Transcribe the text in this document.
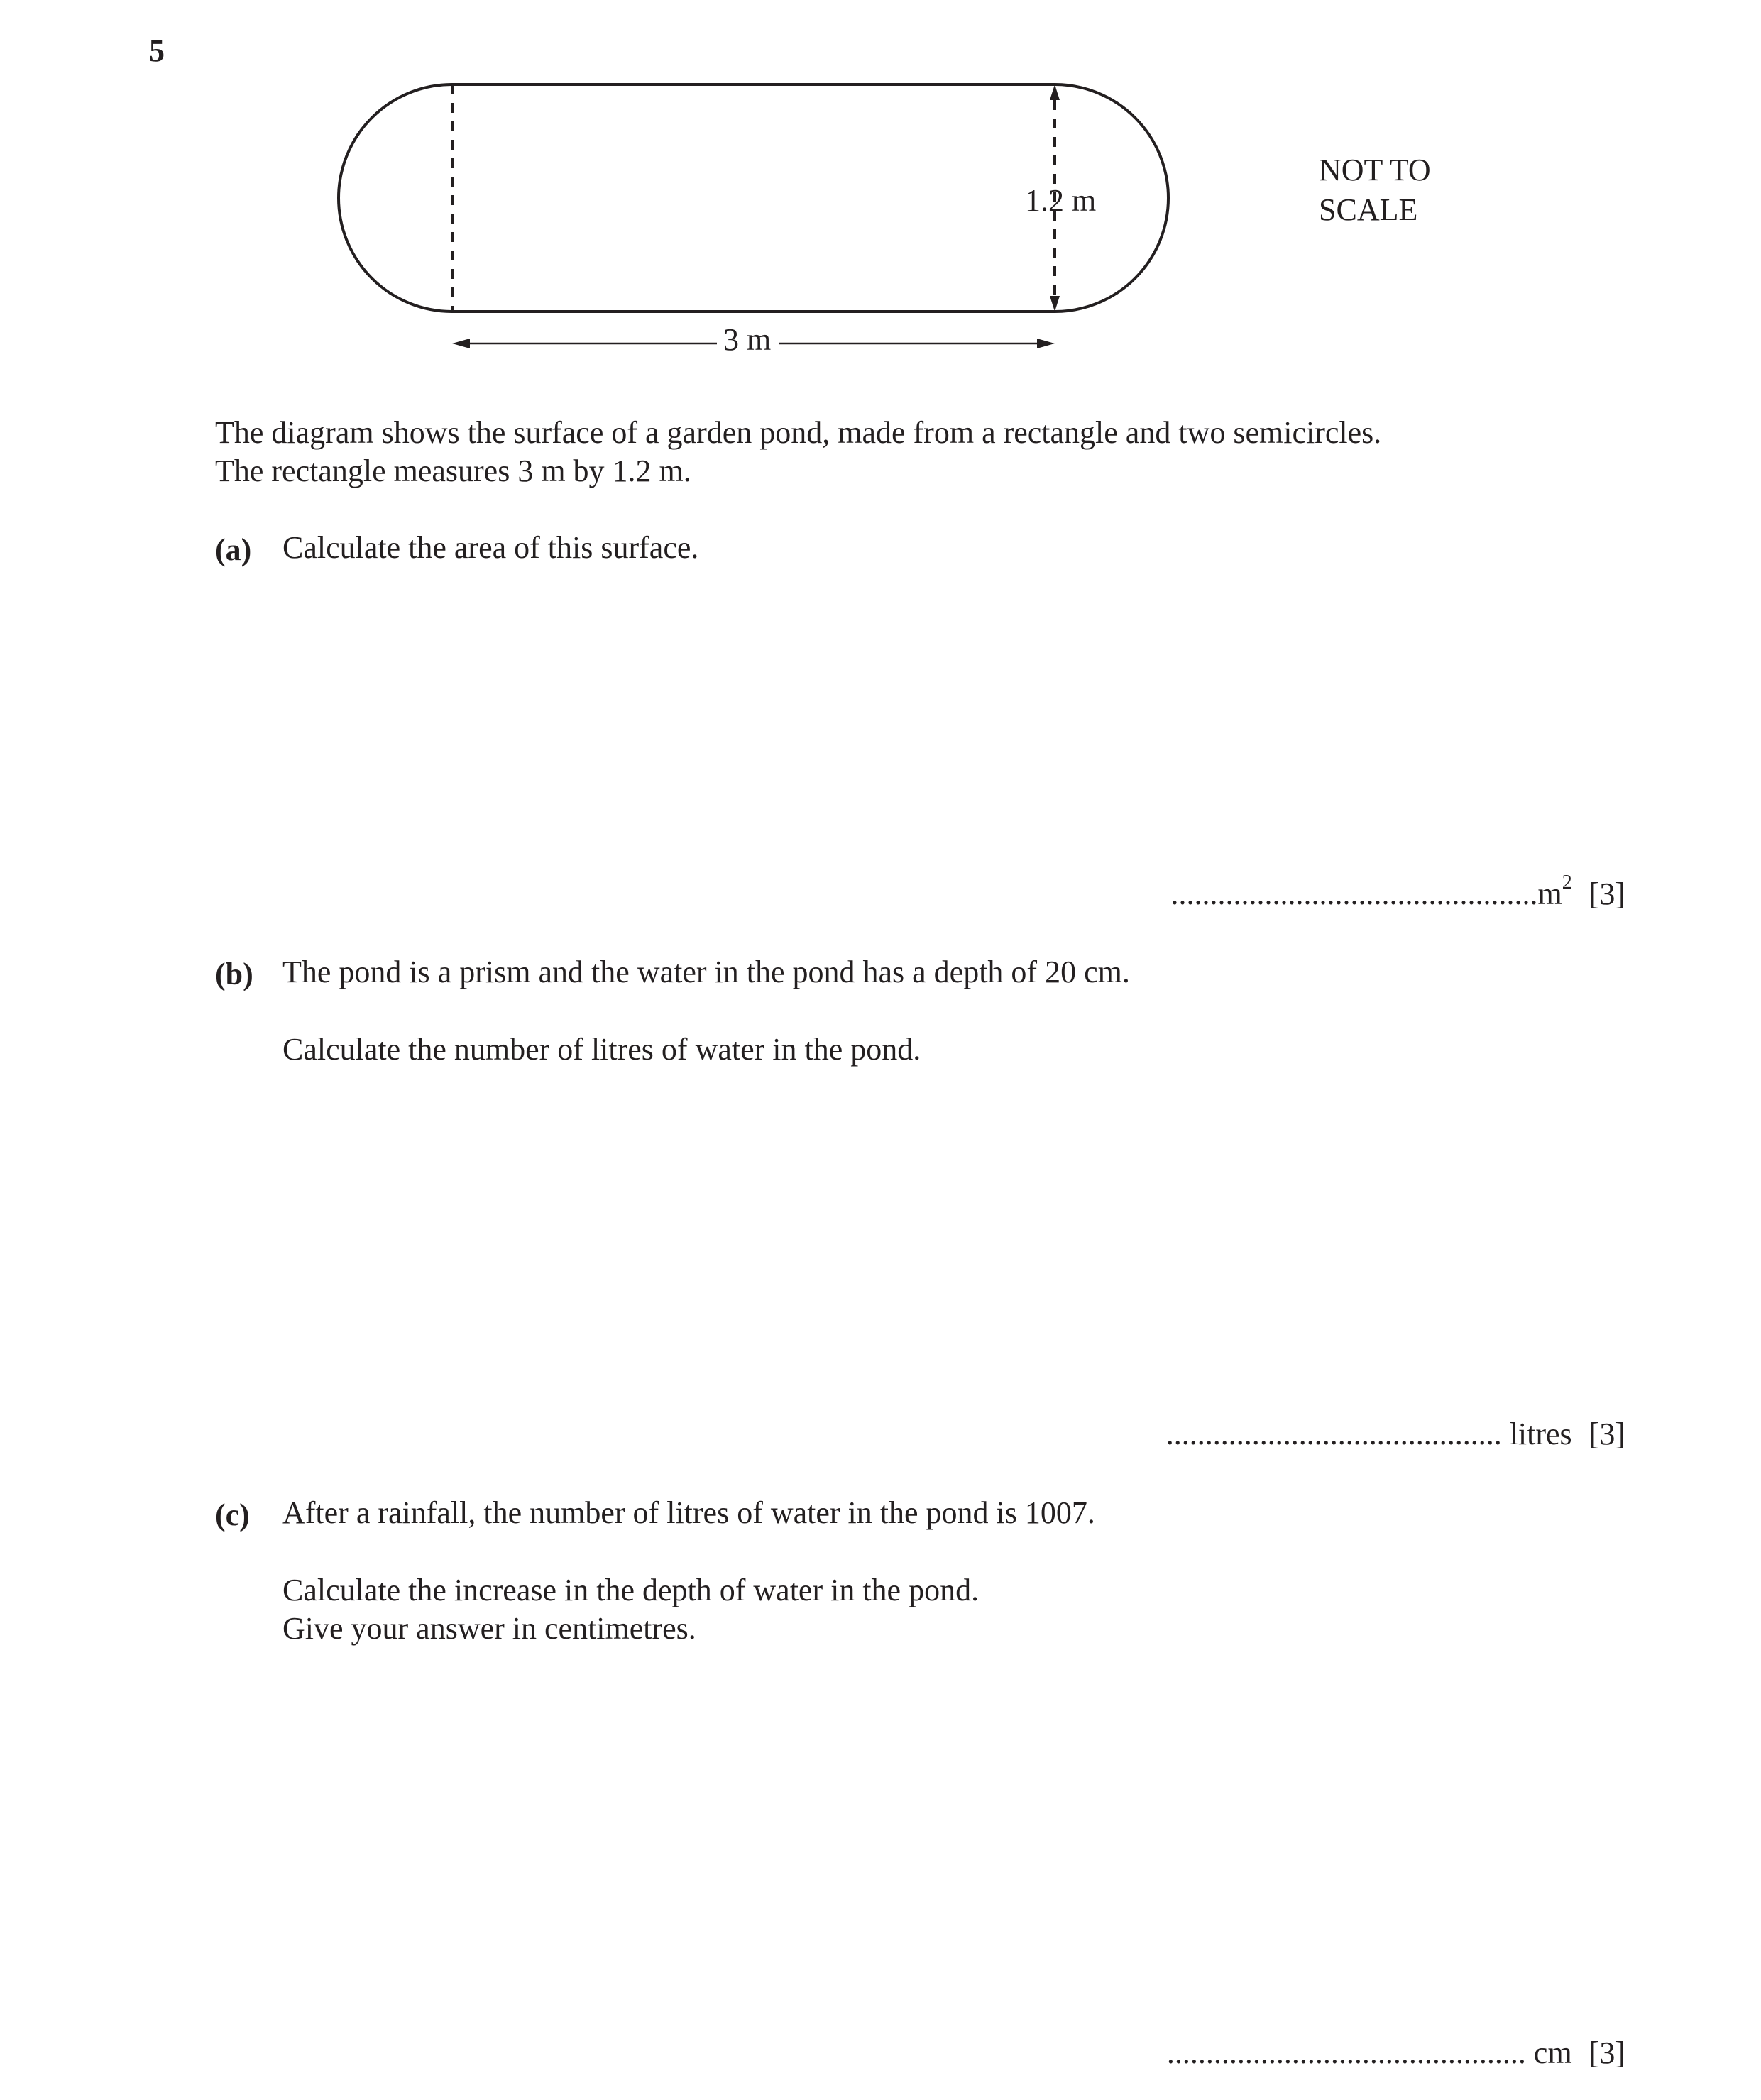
5
1.2 m
3 m
NOT TO
SCALE
The diagram shows the surface of a garden pond, made from a rectangle and two semicircles.
The rectangle measures 3 m by 1.2 m.
(a) Calculate the area of this surface.
$...............................................m^2$ [3]
(b) The pond is a prism and the water in the pond has a depth of 20 cm.
Calculate the number of litres of water in the pond.
........................................... litres [3]
(c) After a rainfall, the number of litres of water in the pond is 1007.
Calculate the increase in the depth of water in the pond.
Give your answer in centimetres.
.............................................. cm [3]
